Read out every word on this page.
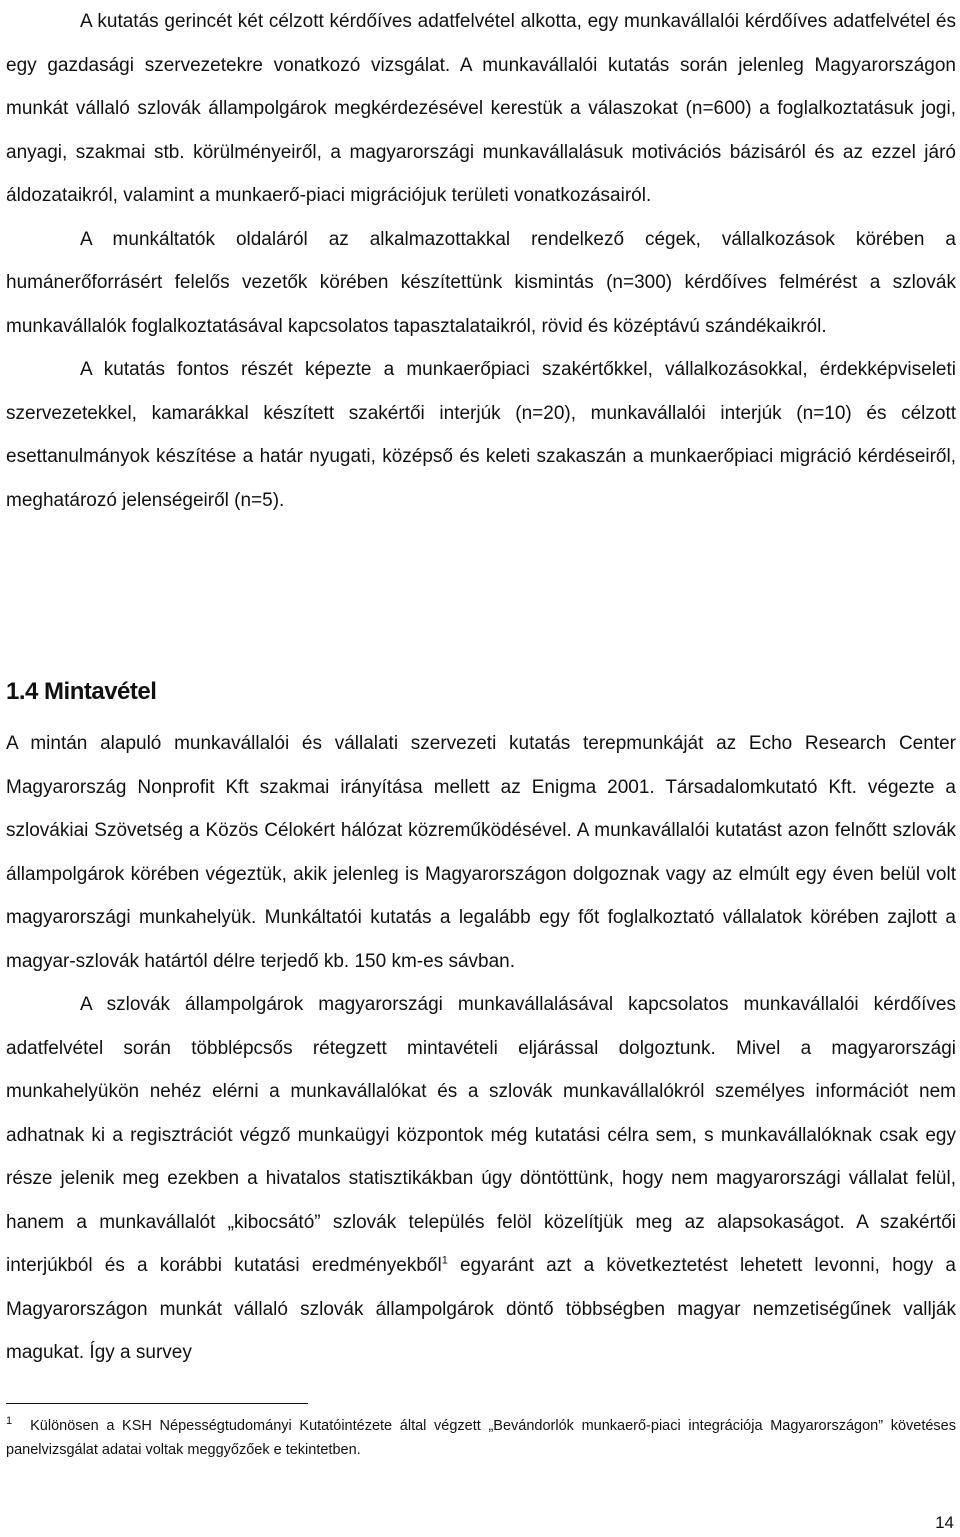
A kutatás gerincét két célzott kérdőíves adatfelvétel alkotta, egy munkavállalói kérdőíves adatfelvétel és egy gazdasági szervezetekre vonatkozó vizsgálat. A munkavállalói kutatás során jelenleg Magyarországon munkát vállaló szlovák állampolgárok megkérdezésével kerestük a válaszokat (n=600) a foglalkoztatásuk jogi, anyagi, szakmai stb. körülményeiről, a magyarországi munkavállalásuk motivációs bázisáról és az ezzel járó áldozataikról, valamint a munkaerő-piaci migrációjuk területi vonatkozásairól.

A munkáltatók oldaláról az alkalmazottakkal rendelkező cégek, vállalkozások körében a humánerőforrásért felelős vezetők körében készítettünk kismintás (n=300) kérdőíves felmérést a szlovák munkavállalók foglalkoztatásával kapcsolatos tapasztalataikról, rövid és középtávú szándékaikról.

A kutatás fontos részét képezte a munkaerőpiaci szakértőkkel, vállalkozásokkal, érdekképviseleti szervezetekkel, kamarákkal készített szakértői interjúk (n=20), munkavállalói interjúk (n=10) és célzott esettanulmányok készítése a határ nyugati, középső és keleti szakaszán a munkaerőpiaci migráció kérdéseiről, meghatározó jelenségeiről (n=5).

1.4 Mintavétel

A mintán alapuló munkavállalói és vállalati szervezeti kutatás terepmunkáját az Echo Research Center Magyarország Nonprofit Kft szakmai irányítása mellett az Enigma 2001. Társadalomkutató Kft. végezte a szlovákiai Szövetség a Közös Célokért hálózat közreműködésével. A munkavállalói kutatást azon felnőtt szlovák állampolgárok körében végeztük, akik jelenleg is Magyarországon dolgoznak vagy az elmúlt egy éven belül volt magyarországi munkahelyük. Munkáltatói kutatás a legalább egy főt foglalkoztató vállalatok körében zajlott a magyar-szlovák határtól délre terjedő kb. 150 km-es sávban.

A szlovák állampolgárok magyarországi munkavállalásával kapcsolatos munkavállalói kérdőíves adatfelvétel során többlépcsős rétegzett mintavételi eljárással dolgoztunk. Mivel a magyarországi munkahelyükön nehéz elérni a munkavállalókat és a szlovák munkavállalókról személyes információt nem adhatnak ki a regisztrációt végző munkaügyi központok még kutatási célra sem, s munkavállalóknak csak egy része jelenik meg ezekben a hivatalos statisztikákban úgy döntöttünk, hogy nem magyarországi vállalat felül, hanem a munkavállalót „kibocsátó” szlovák település felöl közelítjük meg az alapsokaságot. A szakértői interjúkból és a korábbi kutatási eredményekből$^1$ egyaránt azt a következtetést lehetett levonni, hogy a Magyarországon munkát vállaló szlovák állampolgárok döntő többségben magyar nemzetiségűnek vallják magukat. Így a survey

$^1$ Különösen a KSH Népességtudományi Kutatóintézete által végzett „Bevándorlók munkaerő-piaci integrációja Magyarországon” követéses panelvizsgálat adatai voltak meggyőzőek e tekintetben.

14
